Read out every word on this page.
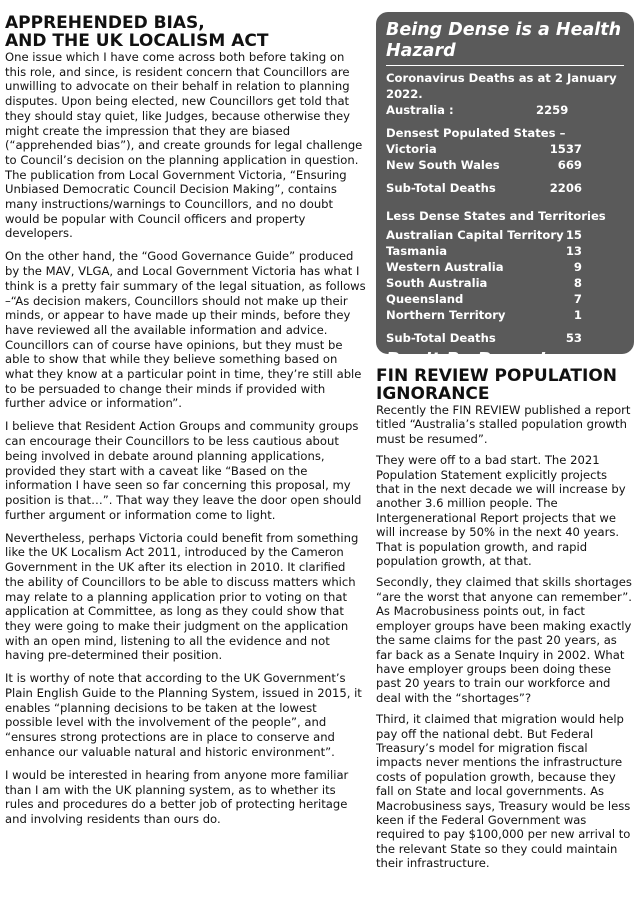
APPREHENDED BIAS,
AND THE UK LOCALISM ACT

One issue which I have come across both before taking on this role, and since, is resident concern that Councillors are unwilling to advocate on their behalf in relation to planning disputes. Upon being elected, new Councillors get told that they should stay quiet, like Judges, because otherwise they might create the impression that they are biased (“apprehended bias”), and create grounds for legal challenge to Council’s decision on the planning application in question. The publication from Local Government Victoria, “Ensuring Unbiased Democratic Council Decision Making”, contains many instructions/warnings to Councillors, and no doubt would be popular with Council officers and property developers.

On the other hand, the “Good Governance Guide” produced by the MAV, VLGA, and Local Government Victoria has what I think is a pretty fair summary of the legal situation, as follows –“As decision makers, Councillors should not make up their minds, or appear to have made up their minds, before they have reviewed all the available information and advice. Councillors can of course have opinions, but they must be able to show that while they believe something based on what they know at a particular point in time, they’re still able to be persuaded to change their minds if provided with further advice or information”.

I believe that Resident Action Groups and community groups can encourage their Councillors to be less cautious about being involved in debate around planning applications, provided they start with a caveat like “Based on the information I have seen so far concerning this proposal, my position is that…”. That way they leave the door open should further argument or information come to light.

Nevertheless, perhaps Victoria could benefit from something like the UK Localism Act 2011, introduced by the Cameron Government in the UK after its election in 2010. It clarified the ability of Councillors to be able to discuss matters which may relate to a planning application prior to voting on that application at Committee, as long as they could show that they were going to make their judgment on the application with an open mind, listening to all the evidence and not having pre-determined their position.

It is worthy of note that according to the UK Government’s Plain English Guide to the Planning System, issued in 2015, it enables “planning decisions to be taken at the lowest possible level with the involvement of the people”, and “ensures strong protections are in place to conserve and enhance our valuable natural and historic environment”.

I would be interested in hearing from anyone more familiar than I am with the UK planning system, as to whether its rules and procedures do a better job of protecting heritage and involving residents than ours do.

Being Dense is a Health Hazard
Coronavirus Deaths as at 2 January 2022.
Australia :	2259
Densest Populated States –
Victoria	1537
New South Wales	669
Sub-Total Deaths	2206
Less Dense States and Territories
Australian Capital Territory 15
Tasmania	13
Western Australia	9
South Australia	8
Queensland	7
Northern Territory	1
Sub-Total Deaths	53
Don’t Be Dense!
FIN REVIEW POPULATION
IGNORANCE

Recently the FIN REVIEW published a report titled “Australia’s stalled population growth must be resumed”.

They were off to a bad start. The 2021 Population Statement explicitly projects that in the next decade we will increase by another 3.6 million people. The Intergenerational Report projects that we will increase by 50% in the next 40 years. That is population growth, and rapid population growth, at that.

Secondly, they claimed that skills shortages “are the worst that anyone can remember”. As Macrobusiness points out, in fact employer groups have been making exactly the same claims for the past 20 years, as far back as a Senate Inquiry in 2002. What have employer groups been doing these past 20 years to train our workforce and deal with the “shortages”?

Third, it claimed that migration would help pay off the national debt. But Federal Treasury’s model for migration fiscal impacts never mentions the infrastructure costs of population growth, because they fall on State and local governments. As Macrobusiness says, Treasury would be less keen if the Federal Government was required to pay $100,000 per new arrival to the relevant State so they could maintain their infrastructure.
